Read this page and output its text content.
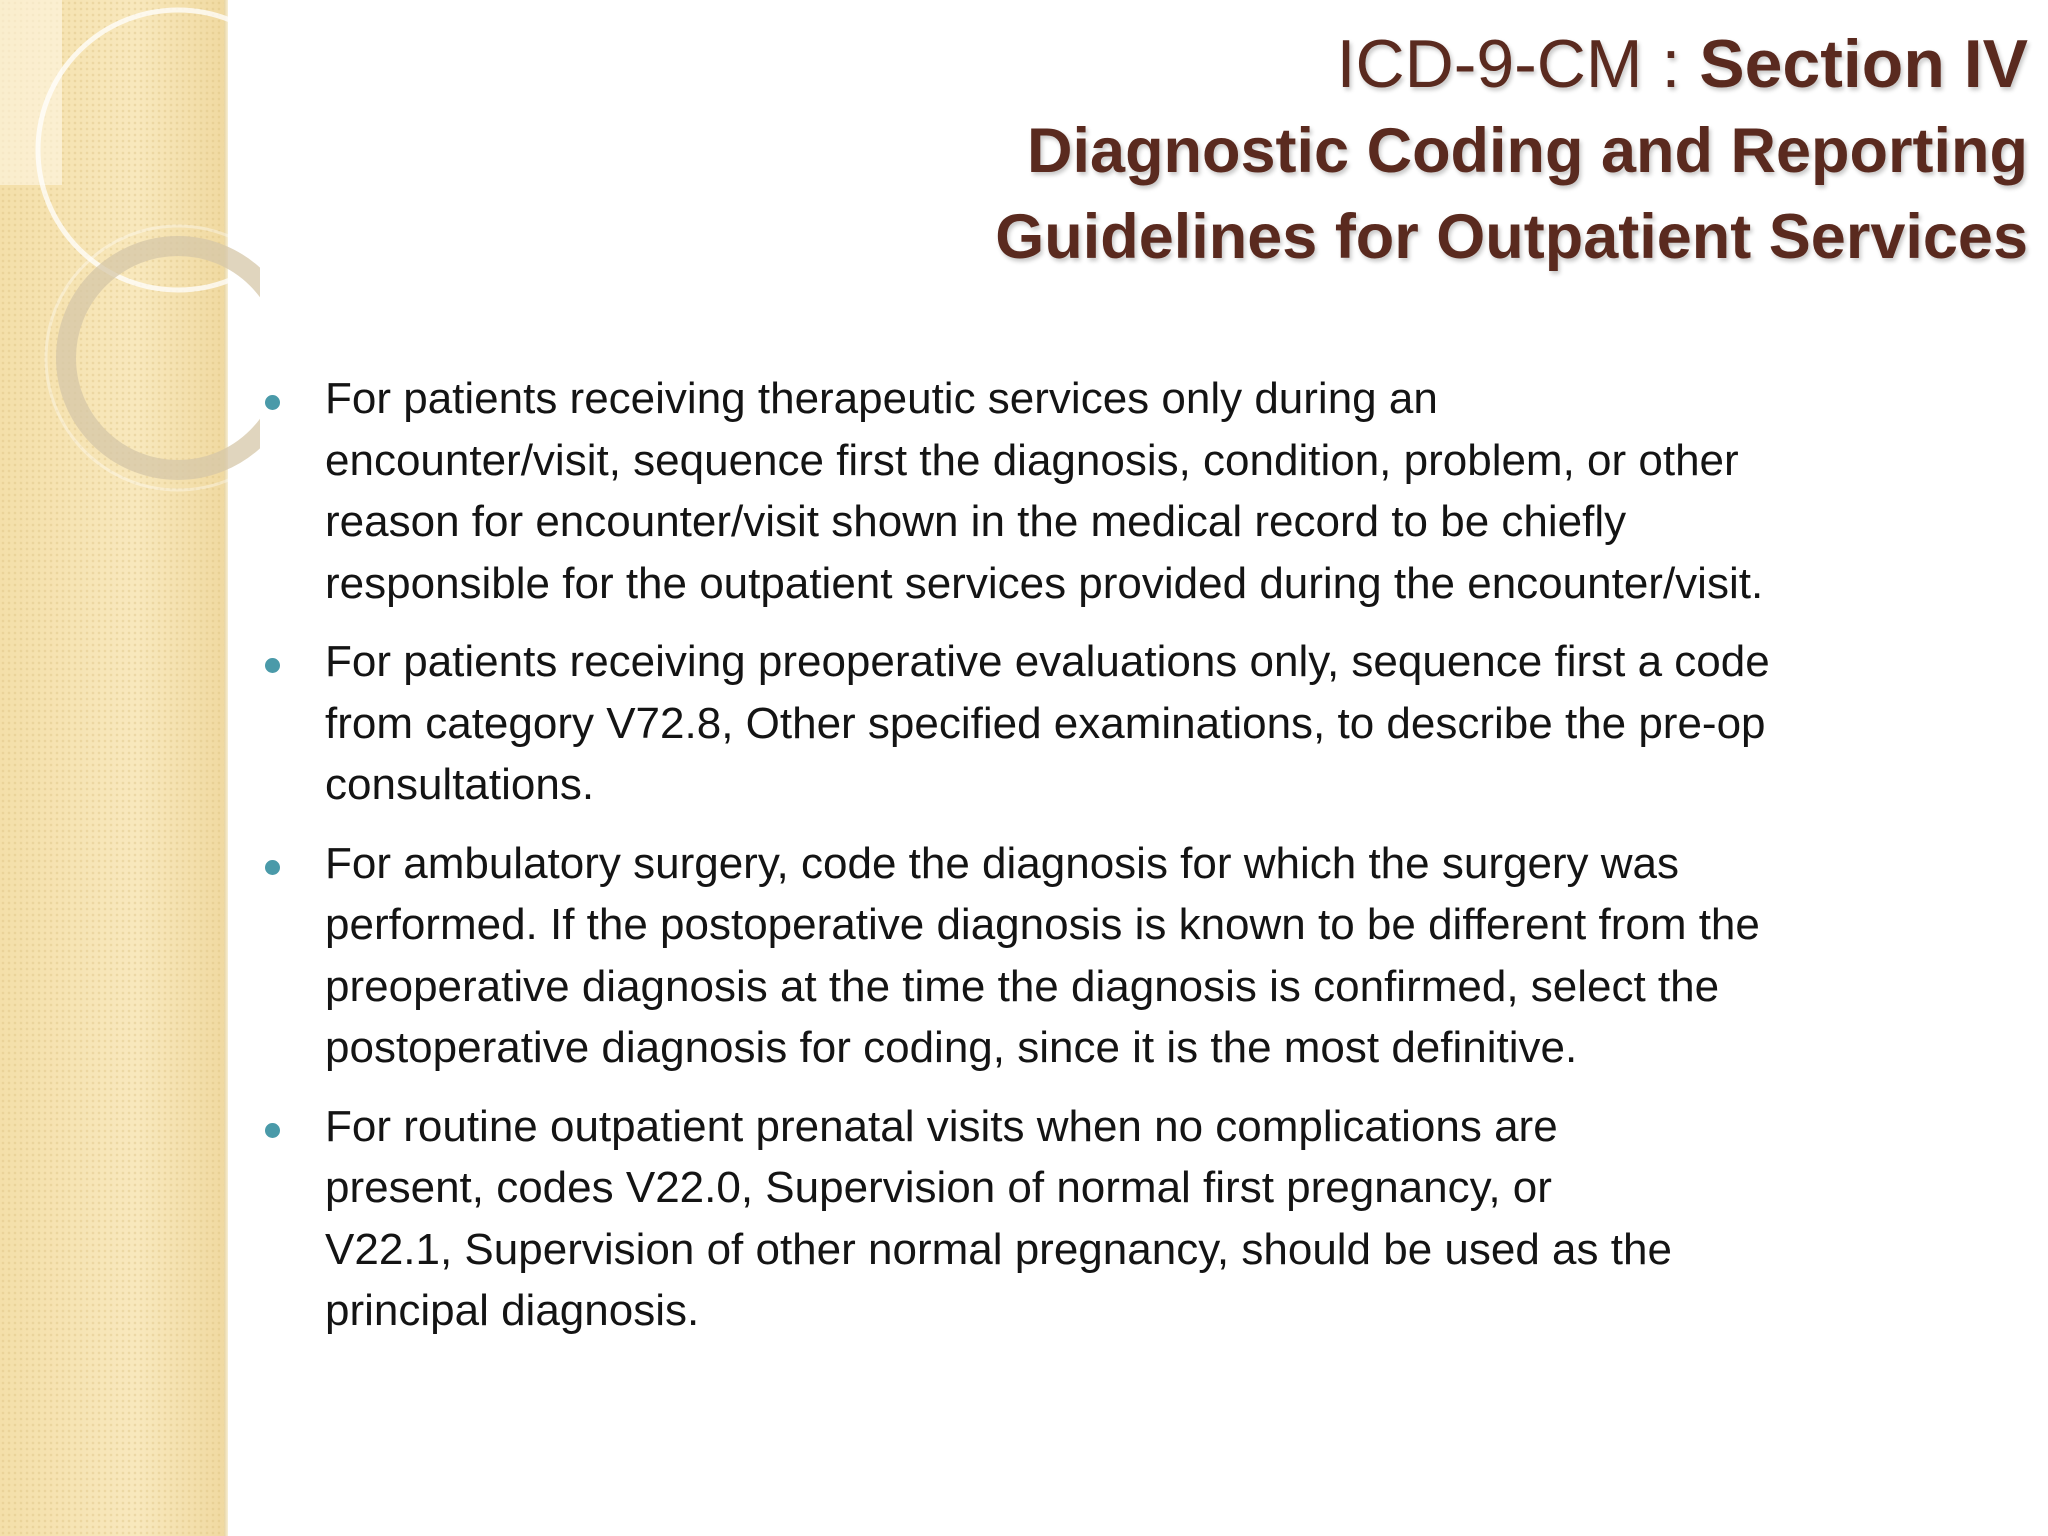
ICD-9-CM : Section IV
Diagnostic Coding and Reporting
Guidelines for Outpatient Services
For patients receiving therapeutic services only during an
encounter/visit, sequence first the diagnosis, condition, problem, or other
reason for encounter/visit shown in the medical record to be chiefly
responsible for the outpatient services provided during the encounter/visit.
For patients receiving preoperative evaluations only, sequence first a code
from category V72.8, Other specified examinations, to describe the pre-op
consultations.
For ambulatory surgery, code the diagnosis for which the surgery was
performed. If the postoperative diagnosis is known to be different from the
preoperative diagnosis at the time the diagnosis is confirmed, select the
postoperative diagnosis for coding, since it is the most definitive.
For routine outpatient prenatal visits when no complications are
present, codes V22.0, Supervision of normal first pregnancy, or
V22.1, Supervision of other normal pregnancy, should be used as the
principal diagnosis.
